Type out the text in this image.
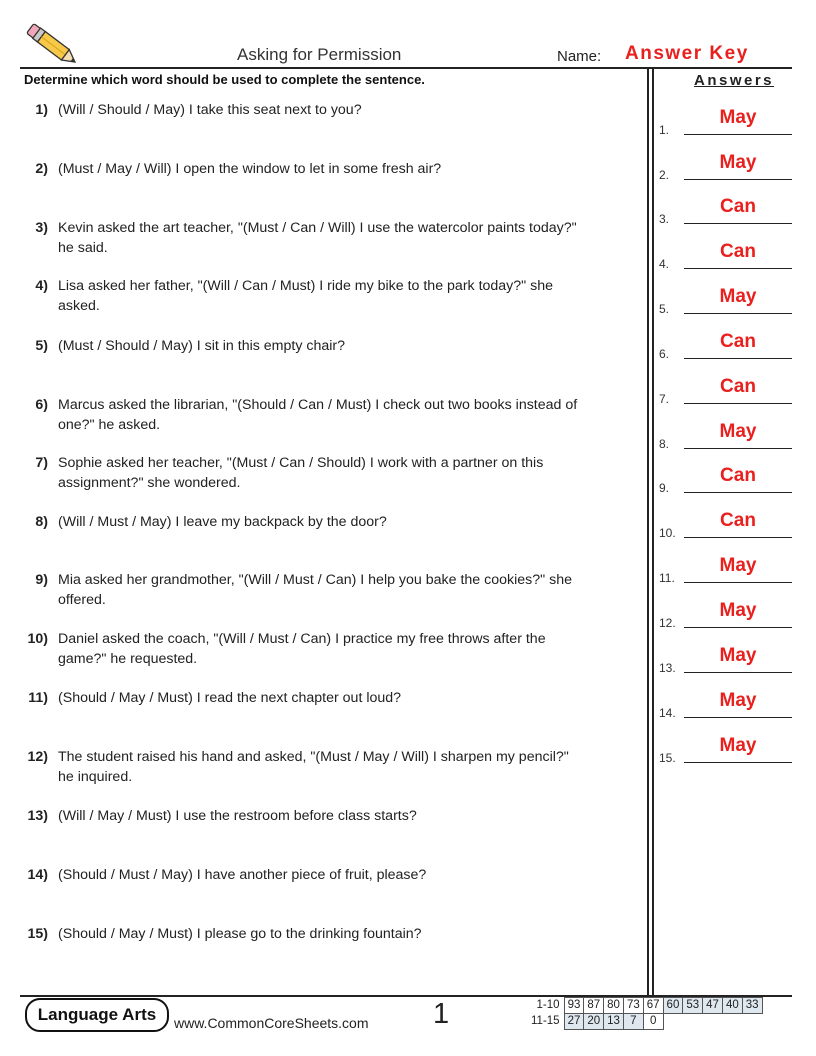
Asking for Permission	Name: Answer Key
Determine which word should be used to complete the sentence.	Answers
1) (Will / Should / May) I take this seat next to you?
2) (Must / May / Will) I open the window to let in some fresh air?
3) Kevin asked the art teacher, "(Must / Can / Will) I use the watercolor paints today?"
he said.
4) Lisa asked her father, "(Will / Can / Must) I ride my bike to the park today?" she
asked.
5) (Must / Should / May) I sit in this empty chair?
6) Marcus asked the librarian, "(Should / Can / Must) I check out two books instead of
one?" he asked.
7) Sophie asked her teacher, "(Must / Can / Should) I work with a partner on this
assignment?" she wondered.
8) (Will / Must / May) I leave my backpack by the door?
9) Mia asked her grandmother, "(Will / Must / Can) I help you bake the cookies?" she
offered.
10) Daniel asked the coach, "(Will / Must / Can) I practice my free throws after the
game?" he requested.
11) (Should / May / Must) I read the next chapter out loud?
12) The student raised his hand and asked, "(Must / May / Will) I sharpen my pencil?"
he inquired.
13) (Will / May / Must) I use the restroom before class starts?
14) (Should / Must / May) I have another piece of fruit, please?
15) (Should / May / Must) I please go to the drinking fountain?
1.
May
2.
May
3.
Can
4.
Can
5.
May
6.
Can
7.
Can
8.
May
9.
Can
10.
Can
11.
May
12.
May
13.
May
14.
May
15.
May
Language Arts	www.CommonCoreSheets.com 1	1-10	93	87	80	73	67	60	53	47	40	33
11-15	27	20	13	7	0					
